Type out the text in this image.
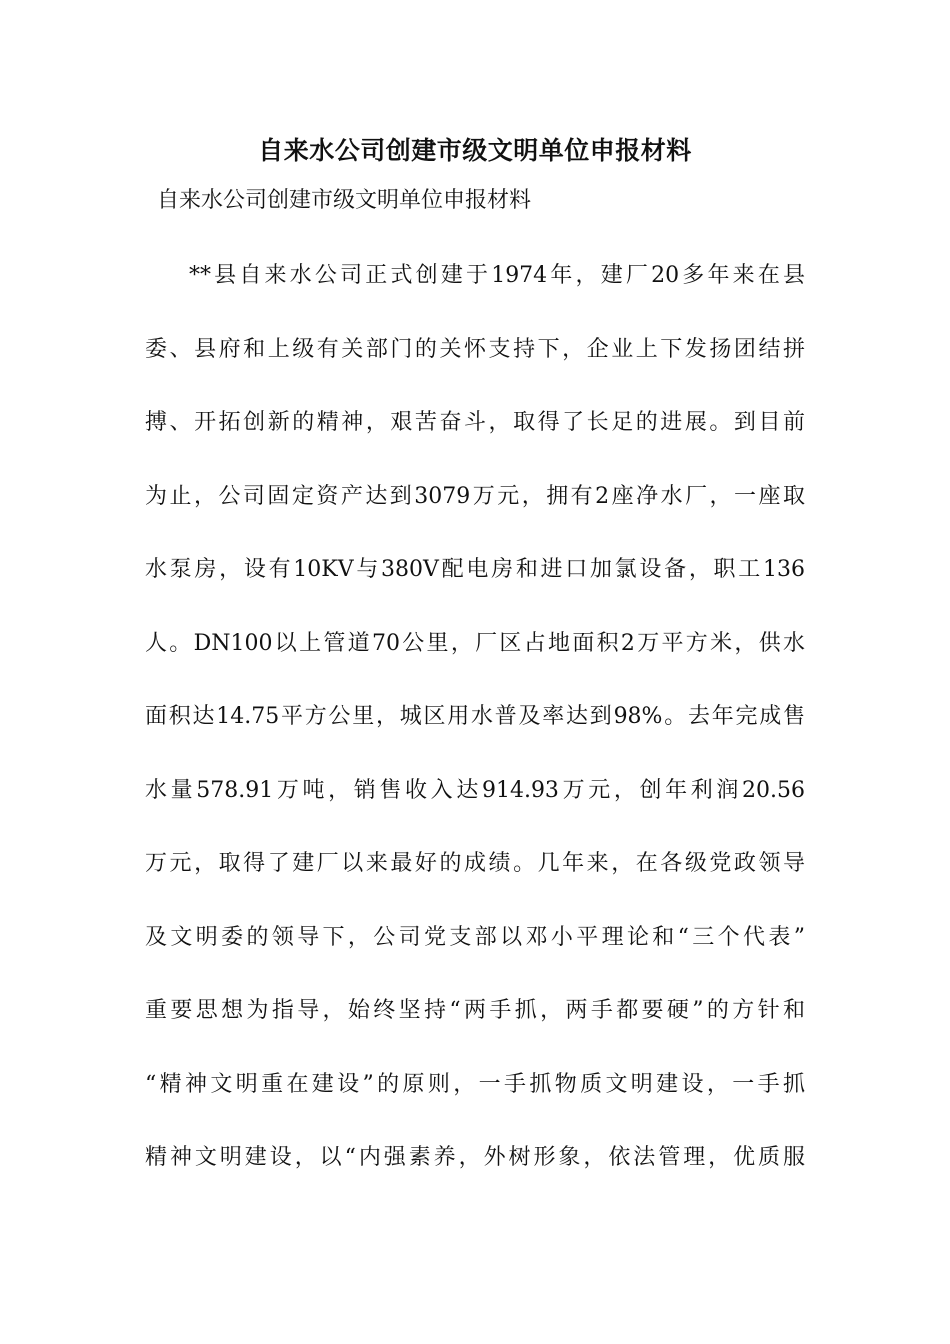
自来水公司创建市级文明单位申报材料
自来水公司创建市级文明单位申报材料
**县自来水公司正式创建于1974年，建厂20多年来在县
委、县府和上级有关部门的关怀支持下，企业上下发扬团结拼
搏、开拓创新的精神，艰苦奋斗，取得了长足的进展。到目前
为止，公司固定资产达到3079万元，拥有2座净水厂，一座取
水泵房，设有10KV与380V配电房和进口加氯设备，职工136
人。DN100以上管道70公里，厂区占地面积2万平方米，供水
面积达14.75平方公里，城区用水普及率达到98%。去年完成售
水量578.91万吨，销售收入达914.93万元，创年利润20.56
万元，取得了建厂以来最好的成绩。几年来，在各级党政领导
及文明委的领导下，公司党支部以邓小平理论和“三个代表”
重要思想为指导，始终坚持“两手抓，两手都要硬”的方针和
“精神文明重在建设”的原则，一手抓物质文明建设，一手抓
精神文明建设，以“内强素养，外树形象，依法管理，优质服
